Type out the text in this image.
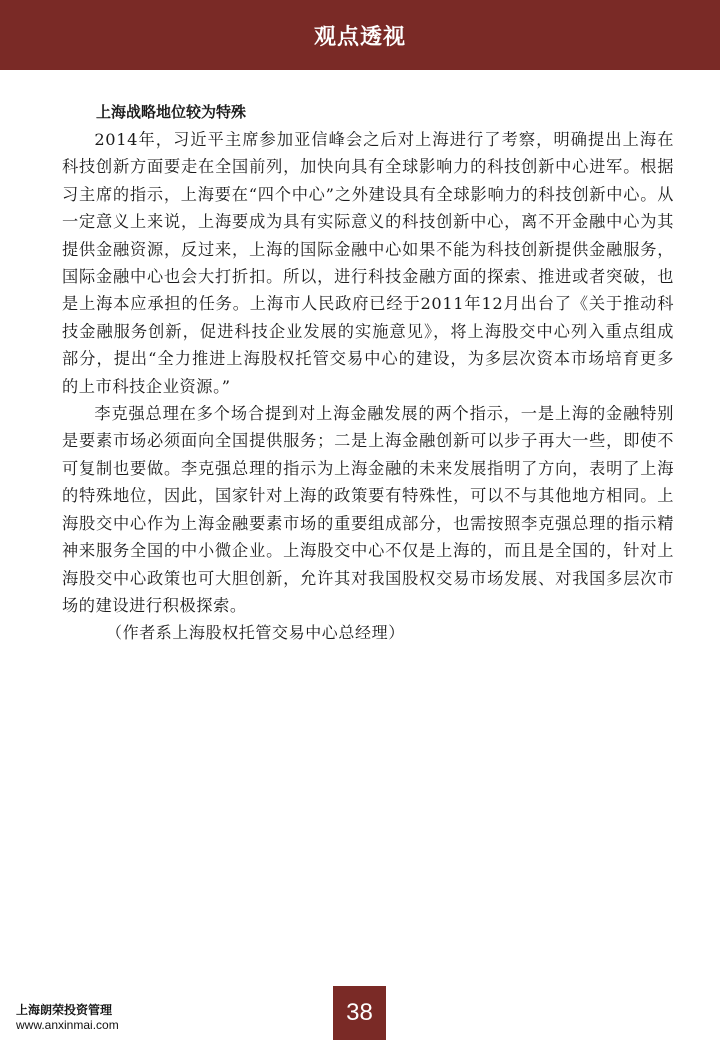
观点透视

上海战略地位较为特殊

2014年，习近平主席参加亚信峰会之后对上海进行了考察，明确提出上海在科技创新方面要走在全国前列，加快向具有全球影响力的科技创新中心进军。根据习主席的指示，上海要在“四个中心”之外建设具有全球影响力的科技创新中心。从一定意义上来说，上海要成为具有实际意义的科技创新中心，离不开金融中心为其提供金融资源，反过来，上海的国际金融中心如果不能为科技创新提供金融服务，国际金融中心也会大打折扣。所以，进行科技金融方面的探索、推进或者突破，也是上海本应承担的任务。上海市人民政府已经于2011年12月出台了《关于推动科技金融服务创新，促进科技企业发展的实施意见》，将上海股交中心列入重点组成部分，提出“全力推进上海股权托管交易中心的建设，为多层次资本市场培育更多的上市科技企业资源。”

李克强总理在多个场合提到对上海金融发展的两个指示，一是上海的金融特别是要素市场必须面向全国提供服务；二是上海金融创新可以步子再大一些，即使不可复制也要做。李克强总理的指示为上海金融的未来发展指明了方向，表明了上海的特殊地位，因此，国家针对上海的政策要有特殊性，可以不与其他地方相同。上海股交中心作为上海金融要素市场的重要组成部分，也需按照李克强总理的指示精神来服务全国的中小微企业。上海股交中心不仅是上海的，而且是全国的，针对上海股交中心政策也可大胆创新，允许其对我国股权交易市场发展、对我国多层次市场的建设进行积极探索。

（作者系上海股权托管交易中心总经理）

上海朗荣投资管理
www.anxinmai.com	38
